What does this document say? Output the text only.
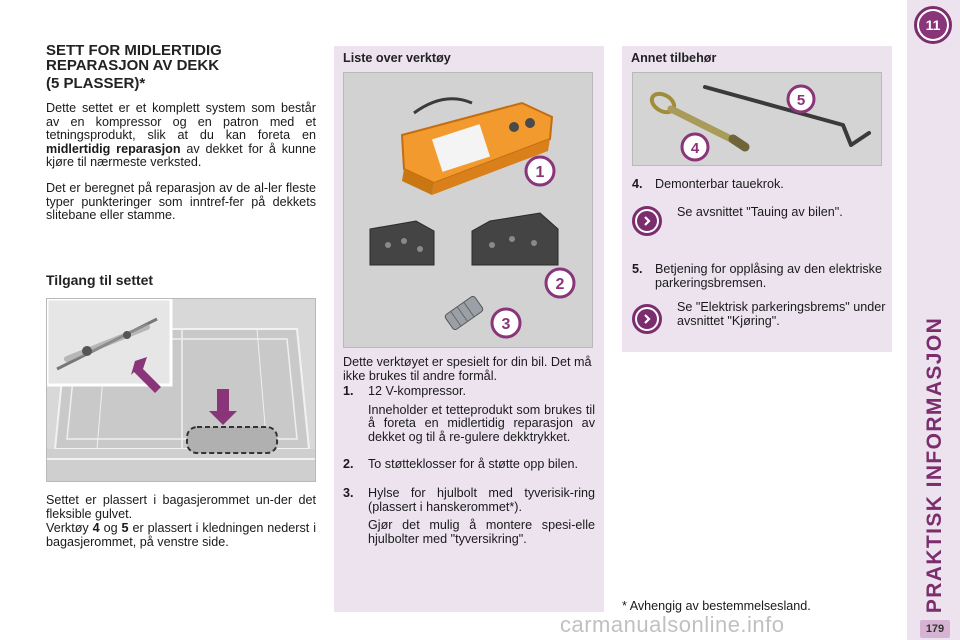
11
PRAKTISK INFORMASJON
179
SETT FOR MIDLERTIDIG
REPARASJON AV DEKK
(5 PLASSER)*
Dette settet er et komplett system som består av en kompressor og en patron med et tetningsprodukt, slik at du kan foreta en midlertidig reparasjon av dekket for å kunne kjøre til nærmeste verksted.
Det er beregnet på reparasjon av de al-ler fleste typer punkteringer som inntref-fer på dekkets slitebane eller stamme.
Tilgang til settet
Settet er plassert i bagasjerommet un-der det fleksible gulvet.
Verktøy 4 og 5 er plassert i kledningen nederst i bagasjerommet, på venstre side.
Liste over verktøy
1
2
3
Dette verktøyet er spesielt for din bil. Det må ikke brukes til andre formål.
1. 12 V-kompressor.
Inneholder et tetteprodukt som brukes til å foreta en midlertidig reparasjon av dekket og til å re-gulere dekktrykket.
2. To støtteklosser for å støtte opp bilen.
3. Hylse for hjulbolt med tyverisik-ring (plassert i hanskerommet*).
Gjør det mulig å montere spesi-elle hjulbolter med "tyversikring".
Annet tilbehør
5
4
4. Demonterbar tauekrok.
Se avsnittet "Tauing av bilen".
5. Betjening for opplåsing av den elektriske parkeringsbremsen.
Se "Elektrisk parkeringsbrems" under avsnittet "Kjøring".
* Avhengig av bestemmelsesland.
carmanualsonline.info
